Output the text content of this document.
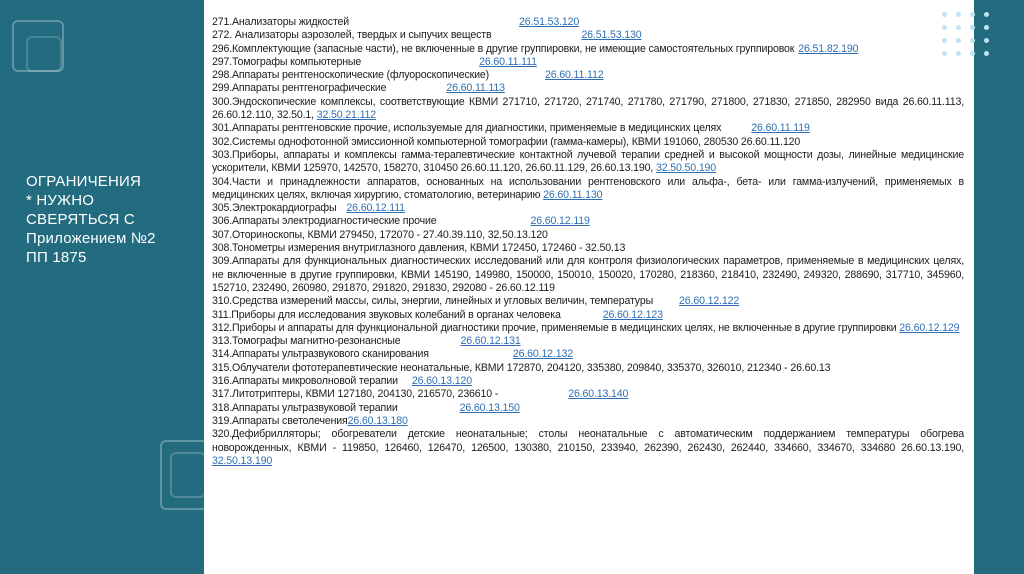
ОГРАНИЧЕНИЯ
* НУЖНО
СВЕРЯТЬСЯ С
Приложением №2
ПП 1875
271.Анализаторы жидкостей	26.51.53.120
272. Анализаторы аэрозолей, твердых и сыпучих веществ	26.51.53.130
296.Комплектующие (запасные части), не включенные в другие группировки, не имеющие самостоятельных группировок 26.51.82.190
297.Томографы компьютерные	26.60.11.111
298.Аппараты рентгеноскопические (флуороскопические)	26.60.11.112
299.Аппараты рентгенографические	26.60.11.113
300.Эндоскопические комплексы, соответствующие КВМИ 271710, 271720, 271740, 271780, 271790, 271800, 271830, 271850, 282950 вида 26.60.11.113, 26.60.12.110, 32.50.1, 32.50.21.112
301.Аппараты рентгеновские прочие, используемые для диагностики, применяемые в медицинских целях	26.60.11.119
302.Системы однофотонной эмиссионной компьютерной томографии (гамма-камеры), КВМИ 191060, 280530 26.60.11.120
303.Приборы, аппараты и комплексы гамма-терапевтические контактной лучевой терапии средней и высокой мощности дозы, линейные медицинские ускорители, КВМИ 125970, 142570, 158270, 310450 26.60.11.120, 26.60.11.129, 26.60.13.190, 32.50.50.190
304.Части и принадлежности аппаратов, основанных на использовании рентгеновского или альфа-, бета- или гамма-излучений, применяемых в медицинских целях, включая хирургию, стоматологию, ветеринарию 26.60.11.130
305.Электрокардиографы 26.60.12.111
306.Аппараты электродиагностические прочие	26.60.12.119
307.Оториноскопы, КВМИ 279450, 172070 - 27.40.39.110, 32.50.13.120
308.Тонометры измерения внутриглазного давления, КВМИ 172450, 172460 - 32.50.13
309.Аппараты для функциональных диагностических исследований или для контроля физиологических параметров, применяемые в медицинских целях, не включенные в другие группировки, КВМИ 145190, 149980, 150000, 150010, 150020, 170280, 218360, 218410, 232490, 249320, 288690, 317710, 345960, 152710, 232490, 260980, 291870, 291820, 291830, 292080 - 26.60.12.119
310.Средства измерений массы, силы, энергии, линейных и угловых величин, температуры 26.60.12.122
311.Приборы для исследования звуковых колебаний в органах человека	26.60.12.123
312.Приборы и аппараты для функциональной диагностики прочие, применяемые в медицинских целях, не включенные в другие группировки 26.60.12.129
313.Томографы магнитно-резонансные	26.60.12.131
314.Аппараты ультразвукового сканирования	26.60.12.132
315.Облучатели фототерапевтические неонатальные, КВМИ 172870, 204120, 335380, 209840, 335370, 326010, 212340 - 26.60.13
316.Аппараты микроволновой терапии 26.60.13.120
317.Литотриптеры, КВМИ 127180, 204130, 216570, 236610 -	26.60.13.140
318.Аппараты ультразвуковой терапии	26.60.13.150
319.Аппараты светолечения26.60.13.180
320.Дефибрилляторы; обогреватели детские неонатальные; столы неонатальные с автоматическим поддержанием температуры обогрева новорожденных, КВМИ - 119850, 126460, 126470, 126500, 130380, 210150, 233940, 262390, 262430, 262440, 334660, 334670, 334680 26.60.13.190, 32.50.13.190
